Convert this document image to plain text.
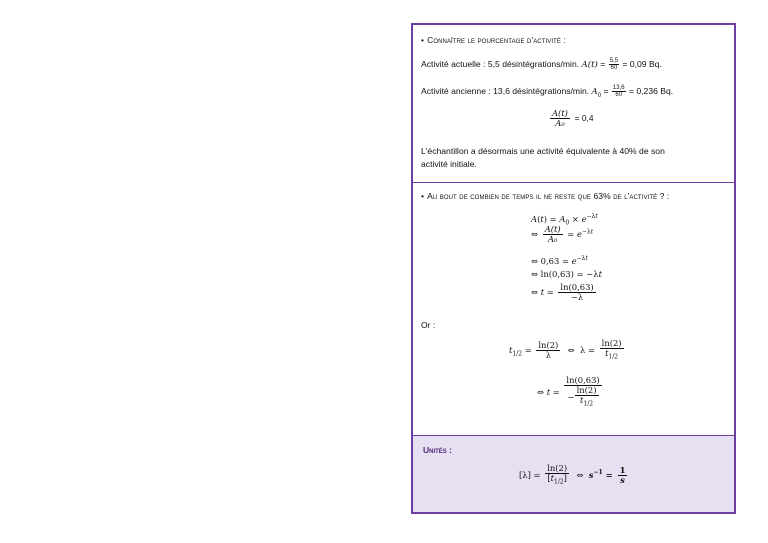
• Connaître le pourcentage d'activité :
Activité actuelle : 5,5 désintégrations/min. $A(t) = \frac{5,5}{60} = 0,09$ Bq.
Activité ancienne : 13,6 désintégrations/min. $A_0 = \frac{13,6}{60} = 0,236$ Bq.
$\frac{A(t)}{\text{A₀}} = 0,4$
L'échantillon a désormais une activité équivalente à 40% de son
activité initiale.
• Au bout de combien de temps il ne reste que 63% de l'activité ? :
$A(t) = A_0 \times e^{-\lambda t}$
⇔ $\frac{A(t)}{\text{A₀}} = e^{-\lambda t}$
⇔ $0,63 = e^{-\lambda t}$
⇔ ln(0,63) = −λt
⇔ $t = \frac{\ln(0,63)}{-\lambda}$
Or :
$t_{1/2} = \frac{\ln(2)}{\lambda}$ ⇔  $\lambda = \frac{\ln(2)}{t_{1/2}}$
⇔ $t = \frac{\ln(0,63)}{- \frac{\ln(2)}{t_{1/2}}}$
Unités :
$[\lambda] = \frac{\ln(2)}{[t_{1/2}]}$ ⇔  $s^{-1} = \frac{1}{s}$
